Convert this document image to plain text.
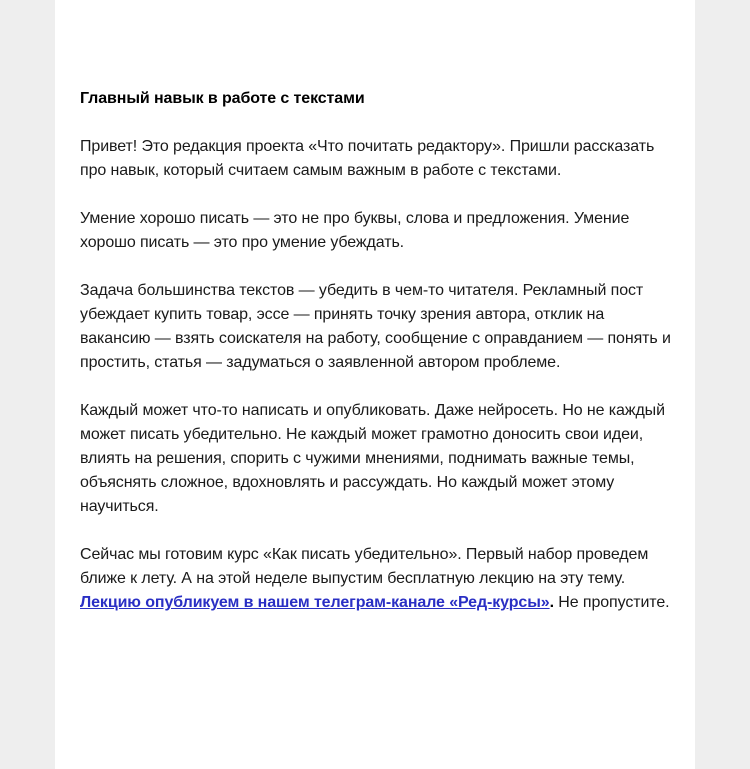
Главный навык в работе с текстами

Привет! Это редакция проекта «Что почитать редактору». Пришли рассказать про навык, который считаем самым важным в работе с текстами.

Умение хорошо писать — это не про буквы, слова и предложения. Умение хорошо писать — это про умение убеждать.

Задача большинства текстов — убедить в чем-то читателя. Рекламный пост убеждает купить товар, эссе — принять точку зрения автора, отклик на вакансию — взять соискателя на работу, сообщение с оправданием — понять и простить, статья — задуматься о заявленной автором проблеме.

Каждый может что-то написать и опубликовать. Даже нейросеть. Но не каждый может писать убедительно. Не каждый может грамотно доносить свои идеи, влиять на решения, спорить с чужими мнениями, поднимать важные темы, объяснять сложное, вдохновлять и рассуждать. Но каждый может этому научиться.

Сейчас мы готовим курс «Как писать убедительно». Первый набор проведем ближе к лету. А на этой неделе выпустим бесплатную лекцию на эту тему. Лекцию опубликуем в нашем телеграм-канале «Ред-курсы». Не пропустите.
